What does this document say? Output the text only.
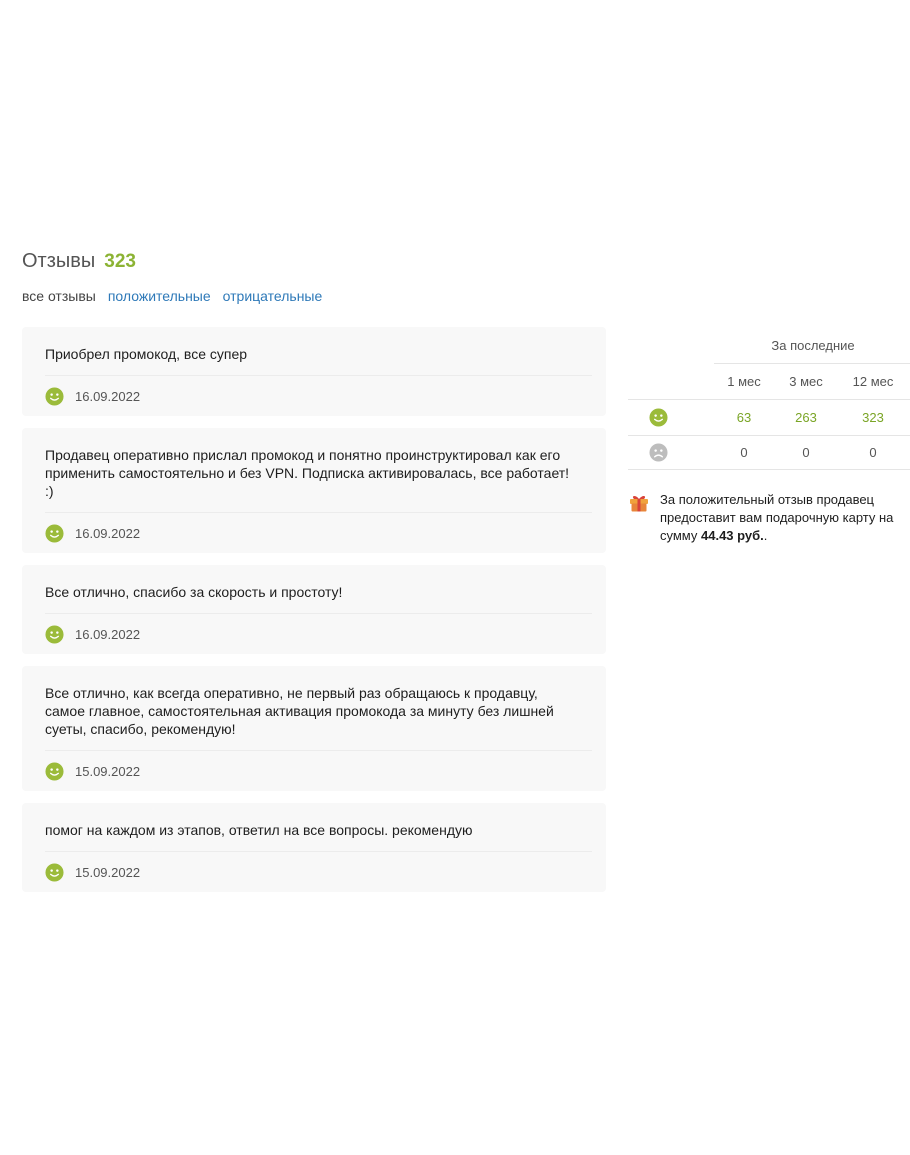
Отзывы 323
все отзывы положительные отрицательные
Приобрел промокод, все супер
16.09.2022
Продавец оперативно прислал промокод и понятно проинструктировал как его применить самостоятельно и без VPN. Подписка активировалась, все работает! :)
16.09.2022
Все отлично, спасибо за скорость и простоту!
16.09.2022
Все отлично, как всегда оперативно, не первый раз обращаюсь к продавцу, самое главное, самостоятельная активация промокода за минуту без лишней суеты, спасибо, рекомендую!
15.09.2022
помог на каждом из этапов, ответил на все вопросы. рекомендую
15.09.2022
За последние
1 мес	3 мес	12 мес
63	263	323
0	0	0
За положительный отзыв продавец предоставит вам подарочную карту на сумму 44.43 руб..
